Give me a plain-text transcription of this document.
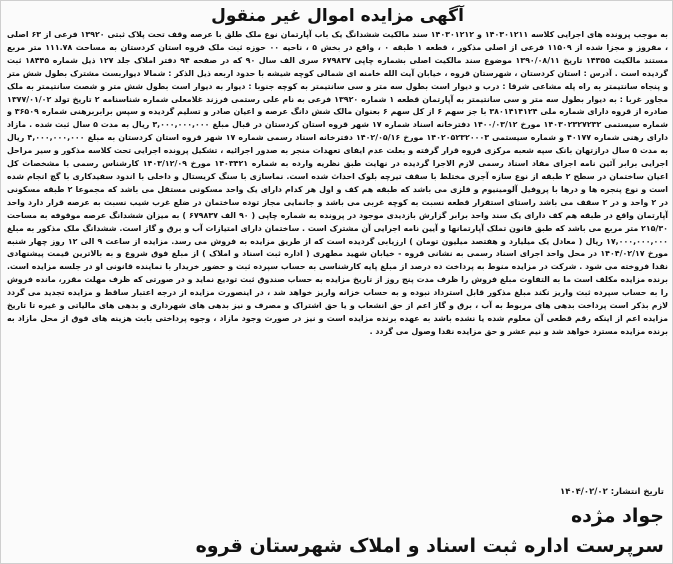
آگهی مزایده اموال غیر منقول

به موجب پرونده های اجرایی کلاسه ۱۴۰۳۰۱۲۱۱ و ۱۴۰۳۰۱۲۱۲ سند مالکیت ششدانگ یک باب آپارتمان نوع ملک طلق با عرصه وقف تحت پلاک ثبتی ۱۳۹۲۰ فرعی از ۶۳ اصلی ، مفروز و مجزا شده از ۱۱۵۰۹ فرعی از اصلی مذکور ، قطعه ۱ طبقه ۰ ، واقع در بخش ۵ ، ناحیه ۰۰ حوزه ثبت ملک قروه استان کردستان به مساحت ۱۱۱.۷۸ متر مربع مستند مالکیت ۱۴۳۵۵ تاریخ ۱۳۹۰/۰۸/۱۱ موضوع سند مالکیت اصلی بشماره چاپی ۶۷۹۸۳۷ سری الف سال ۹۰ که در صفحه ۹۴ دفتر املاک جلد ۱۲۷ ذیل شماره ۱۸۴۴۵ ثبت گردیده است . آدرس : استان کردستان ، شهرستان قروه ، خیابان آیت الله خامنه ای شمالی کوچه شیشه با حدود اربعه ذیل الذکر : شمالا دیواربست مشترک بطول شش متر و پنجاه سانتیمتر به راه پله مشاعی شرقا : درب و دیوار است بطول سه متر و سی سانتیمتر به کوچه جنوبا : دیوار به دیوار است بطول شش متر و شصت سانتیمتر به ملک مجاور غربا : به دیوار بطول سه متر و سی سانتیمتر به آپارتمان قطعه ۱ شماره ۱۳۹۲۰ فرعی به نام علی رستمی فرزند غلامعلی شماره شناسنامه ۲ تاریخ تولد ۱۳۷۷/۰۱/۰۲ صادره از قروه دارای شماره ملی ۳۸۰۱۴۱۴۱۲۴ با جز سهم ۶ از کل سهم ۶ بعنوان مالک شش دانگ عرصه و اعیان صادر و تسلیم گردیده و سپس برابربرهنی شماره ۳۶۵۰۹ و شماره سیستمی ۱۴۰۳۰۲۳۲۷۲۳۲ مورخ ۱۴۰۰/۰۳/۱۲ دفترخانه اسناد شماره ۱۷ شهر قروه استان کردستان در قبال مبلغ ۳,۰۰۰,۰۰۰,۰۰۰ ریال به مدت ۵ سال ثبت شده . مازاد دارای رهنی شماره ۴۰۱۷۷ و شماره سیستمی ۱۴۰۲۰۵۲۳۲۰۰۰۳ مورخ ۱۴۰۲/۰۵/۱۶ دفترخانه اسناد رسمی شماره ۱۷ شهر قروه استان کردستان به مبلغ ۴,۰۰۰,۰۰۰,۰۰۰ ریال به مدت ۵ سال درازتهان بانک سپه شعبه مرکزی قروه قرار گرفته و بعلت عدم ایفای تعهدات منجر به صدور اجرائیه ، تشکیل پرونده اجرایی تحت کلاسه مذکور و سیر مراحل اجرایی برابر آئین نامه اجرای مفاد اسناد رسمی لازم الاجرا گردیده در نهایت طبق نظریه وارده به شماره ۱۴۰۳۴۲۱ مورخ ۱۴۰۳/۱۲/۰۹ کارشناس رسمی با مشخصات کل اعیان ساختمان در سطح ۲ طبقه از نوع سازه آجری مختلط با سقف تیرچه بلوک احداث شده است. نماسازی با سنگ کریستال و داخلی با اندود سفیدکاری با گچ انجام شده است و نوع پنجره ها و درها با پروفیل آلومینیوم و فلزی می باشد که طبقه هم کف و اول هر کدام دارای یک واحد مسکونی مستقل می باشد که مجموعا ۲ طبقه مسکونی در ۲ واحد و در ۲ سقف می باشد راستای استقرار قطعه نسبت به کوچه غربی می باشد و جانمایی مجاز توده ساختمان در ضلع غرب شیب نسبت به عرصه قرار دارد واحد آپارتمان واقع در طبقه هم کف دارای یک سند واحد برابر گزارش بازدیدی موجود در پرونده به شماره چاپی ( ۹۰ الف ۶۷۹۸۳۷ ) به میزان ششدانگ عرصه موقوفه به مساحت ۲۱۵/۳۰ متر مربع می باشد که طبق قانون تملک آپارتمانها و آیین نامه اجرایی آن مشترک است . ساختمان دارای امتیازات آب و برق و گاز است. ششدانگ ملک مذکور به مبلغ ۱۷,۰۰۰,۰۰۰,۰۰۰ ریال ( معادل یک میلیارد و هفتصد میلیون تومان ) ارزیابی گردیده است که از طریق مزایده به فروش می رسد. مزایده از ساعت ۹ الی ۱۲ روز چهار شنبه مورخ ۱۴۰۴/۰۲/۱۷ در محل واحد اجرای اسناد رسمی به نشانی قروه - خیابان شهید مطهری ( اداره ثبت اسناد و املاک ) از مبلغ فوق شروع و به بالاترین قیمت پیشنهادی نقدا فروخته می شود . شرکت در مزایده منوط به پرداخت ده درصد از مبلغ پایه کارشناسی به حساب سپرده ثبت و حضور خریدار با نماینده قانونی او در جلسه مزایده است. برنده مزایده مکلف است ما به التفاوت مبلغ فروش را ظرف مدت پنج روز از تاریخ مزایده به حساب صندوق ثبت تودیع نماید و در صورتی که ظرف مهلت مقرر، مانده فروش را به حساب سپرده ثبت واریز نکند مبلغ مذکور قابل استرداد نبوده و به حساب خزانه واریز خواهد شد ، در اینصورت مزایده از درجه اعتبار ساقط و مزایده تجدید می گردد لازم بذکر است پرداخت بدهی های مربوط به آب ، برق و گاز اعم از حق انشعاب و یا حق اشتراک و مصرف و نیز بدهی های شهرداری و بدهی های مالیاتی و غیره تا تاریخ مزایده اعم از اینکه رقم قطعی آن معلوم شده یا نشده باشد به عهده برنده مزایده است و نیز در صورت وجود مازاد ، وجوه پرداختی بابت هزینه های فوق از محل مازاد به برنده مزایده مسترد خواهد شد و نیم عشر و حق مزایده نقدا وصول می گردد .

تاریخ انتشار: ۱۴۰۴/۰۲/۰۲
جواد مژده
سرپرست اداره ثبت اسناد و املاک شهرستان قروه
